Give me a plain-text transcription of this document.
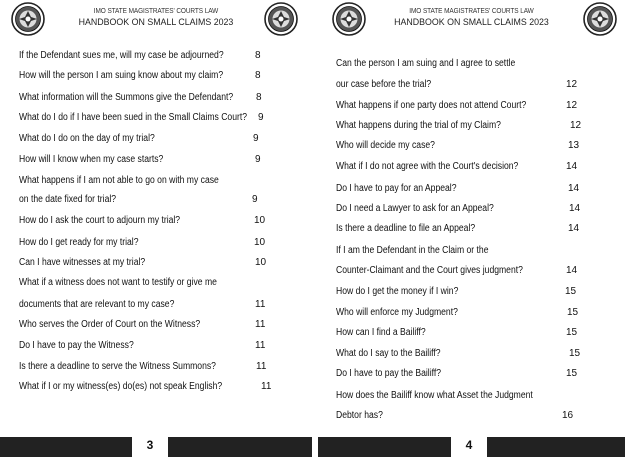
IMO STATE MAGISTRATES' COURTS LAW
HANDBOOK ON SMALL CLAIMS 2023
If the Defendant sues me, will my case be adjourned?	8
How will the person I am suing know about my claim?	8
What information will the Summons give the Defendant? 8
What do I do if I have been sued in the Small Claims Court? 9
What do I do on the day of my trial?	9
How will I know when my case starts?	9
What happens if I am not able to go on with my case
on the date fixed for trial?	9
How do I ask the court to adjourn my trial?	10
How do I get ready for my trial?	10
Can I have witnesses at my trial?	10
What if a witness does not want to testify or give me
documents that are relevant to my case?	11
Who serves the Order of Court on the Witness?	11
Do I have to pay the Witness?	11
Is there a deadline to serve the Witness Summons?	11
What if I or my witness(es) do(es) not speak English?	11
3
IMO STATE MAGISTRATES' COURTS LAW
HANDBOOK ON SMALL CLAIMS 2023
Can the person I am suing and I agree to settle
our case before the trial?	12
What happens if one party does not attend Court?	12
What happens during the trial of my Claim?	12
Who will decide my case?	13
What if I do not agree with the Court's decision?	14
Do I have to pay for an Appeal?	14
Do I need a Lawyer to ask for an Appeal?	14
Is there a deadline to file an Appeal?	14
If I am the Defendant in the Claim or the
Counter-Claimant and the Court gives judgment?	14
How do I get the money if I win?	15
Who will enforce my Judgment?	15
How can I find a Bailiff?	15
What do I say to the Bailiff?	15
Do I have to pay the Bailiff?	15
How does the Bailiff know what Asset the Judgment
Debtor has?	16
4
